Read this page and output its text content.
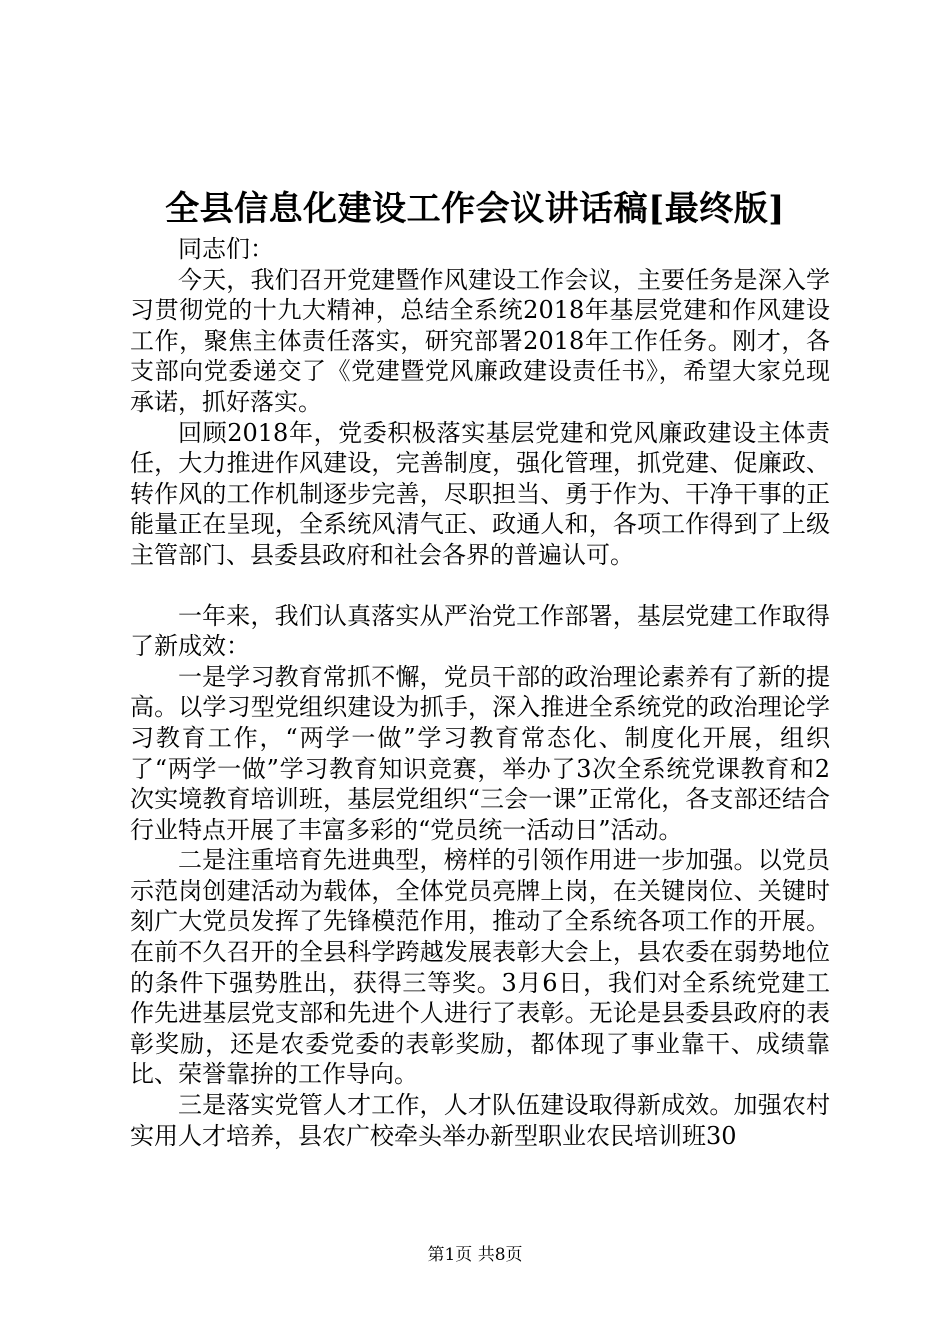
全县信息化建设工作会议讲话稿[最终版]

同志们：

今天，我们召开党建暨作风建设工作会议，主要任务是深入学习贯彻党的十九大精神，总结全系统2018年基层党建和作风建设工作，聚焦主体责任落实，研究部署2018年工作任务。刚才，各支部向党委递交了《党建暨党风廉政建设责任书》，希望大家兑现承诺，抓好落实。

回顾2018年，党委积极落实基层党建和党风廉政建设主体责任，大力推进作风建设，完善制度，强化管理，抓党建、促廉政、转作风的工作机制逐步完善，尽职担当、勇于作为、干净干事的正能量正在呈现，全系统风清气正、政通人和，各项工作得到了上级主管部门、县委县政府和社会各界的普遍认可。

一年来，我们认真落实从严治党工作部署，基层党建工作取得了新成效：

一是学习教育常抓不懈，党员干部的政治理论素养有了新的提高。以学习型党组织建设为抓手，深入推进全系统党的政治理论学习教育工作，“两学一做”学习教育常态化、制度化开展，组织了“两学一做”学习教育知识竞赛，举办了3次全系统党课教育和2次实境教育培训班，基层党组织“三会一课”正常化，各支部还结合行业特点开展了丰富多彩的“党员统一活动日”活动。

二是注重培育先进典型，榜样的引领作用进一步加强。以党员示范岗创建活动为载体，全体党员亮牌上岗，在关键岗位、关键时刻广大党员发挥了先锋模范作用，推动了全系统各项工作的开展。在前不久召开的全县科学跨越发展表彰大会上，县农委在弱势地位的条件下强势胜出，获得三等奖。3月6日，我们对全系统党建工作先进基层党支部和先进个人进行了表彰。无论是县委县政府的表彰奖励，还是农委党委的表彰奖励，都体现了事业靠干、成绩靠比、荣誉靠拚的工作导向。

三是落实党管人才工作，人才队伍建设取得新成效。加强农村实用人才培养，县农广校牵头举办新型职业农民培训班30

第1页 共8页
